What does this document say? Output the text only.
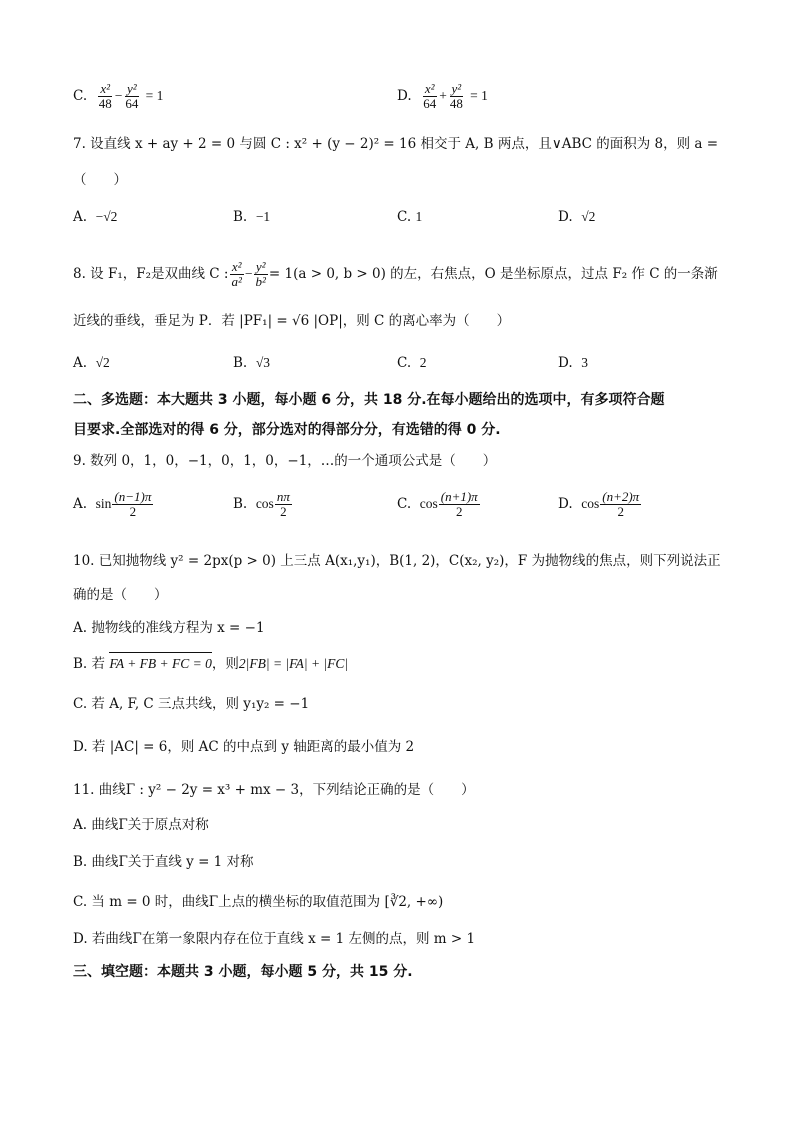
C. $\frac{\text{x²}}{48} - \frac{\text{y²}}{64} = 1$	D. $\frac{\text{x²}}{64} + \frac{\text{y²}}{48} = 1$
7. 设直线 x + ay + 2 = 0 与圆 C : x² + (y − 2)² = 16 相交于 A, B 两点，且∨ABC 的面积为 8，则 a =
（　　）
A. −√2	B. −1	C. 1	D. √2
8. 设 F₁，F₂是双曲线 C : $\frac{\text{x²}}{\text{a²}} - \frac{\text{y²}}{\text{b²}} = 1(a > 0$, b > 0) 的左，右焦点，O 是坐标原点，过点 F₂ 作 C 的一条渐
近线的垂线，垂足为 P．若 |PF₁| = √6 |OP|，则 C 的离心率为（　　）
A. √2	B. √3	C. 2	D. 3
二、多选题：本大题共 3 小题，每小题 6 分，共 18 分.在每小题给出的选项中，有多项符合题
目要求.全部选对的得 6 分，部分选对的得部分分，有选错的得 0 分.
9. 数列 0，1，0，−1，0，1，0，−1，…的一个通项公式是（　　）
A. $\sin \frac{(n-1)\pi}{2}$	B. $\cos \frac{n\pi}{2}$	C. $\cos \frac{(n+1)\pi}{2}$	D. $\cos \frac{(n+2)\pi}{2}$
10. 已知抛物线 y² = 2px(p > 0) 上三点 A(x₁,y₁)，B(1, 2)，C(x₂, y₂)，F 为抛物线的焦点，则下列说法正
确的是（　　）
A. 抛物线的准线方程为 x = −1
B. 若 FA + FB + FC = 0，则2|FB| = |FA| + |FC|
C. 若 A, F, C 三点共线，则 y₁y₂ = −1
D. 若 |AC| = 6，则 AC 的中点到 y 轴距离的最小值为 2
11. 曲线Γ : y² − 2y = x³ + mx − 3，下列结论正确的是（　　）
A. 曲线Γ关于原点对称
B. 曲线Γ关于直线 y = 1 对称
C. 当 m = 0 时，曲线Γ上点的横坐标的取值范围为 [∛2, +∞)
D. 若曲线Γ在第一象限内存在位于直线 x = 1 左侧的点，则 m > 1
三、填空题：本题共 3 小题，每小题 5 分，共 15 分.
